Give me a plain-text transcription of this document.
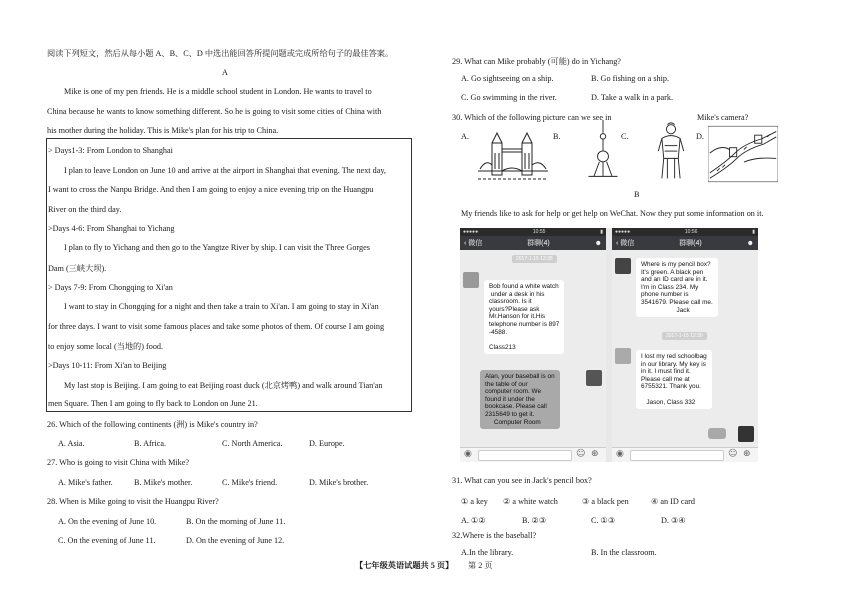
阅读下列短文，然后从每小题 A、B、C、D 中选出能回答所提问题或完成所给句子的最佳答案。
A
Mike is one of my pen friends. He is a middle school student in London. He wants to travel to
China because he wants to know something different. So he is going to visit some cities of China with
his mother during the holiday. This is Mike's plan for his trip to China.
> Days1-3: From London to Shanghai
I plan to leave London on June 10 and arrive at the airport in Shanghai that evening. The next day,
I want to cross the Nanpu Bridge. And then I am going to enjoy a nice evening trip on the Huangpu
River on the third day.
>Days 4-6: From Shanghai to Yichang
I plan to fly to Yichang and then go to the Yangtze River by ship. I can visit the Three Gorges
Dam (三峡大坝).
> Days 7-9: From Chongqing to Xi'an
I want to stay in Chongqing for a night and then take a train to Xi'an. I am going to stay in Xi'an
for three days. I want to visit some famous places and take some photos of them. Of course I am going
to enjoy some local (当地的) food.
>Days 10-11: From Xi'an to Beijing
My last stop is Beijing. I am going to eat Beijing roast duck (北京烤鸭) and walk around Tian'an
men Square. Then I am going to fly back to London on June 21.
26. Which of the following continents (洲) is Mike's country in?
A. Asia.	B. Africa.	C. North America.	D. Europe.
27. Who is going to visit China with Mike?
A. Mike's father.	B. Mike's mother.	C. Mike's friend.	D. Mike's brother.
28. When is Mike going to visit the Huangpu River?
A. On the evening of June 10.	B. On the morning of June 11.
C. On the evening of June 11.	D. On the evening of June 12.
29. What can Mike probably (可能) do in Yichang?
A. Go sightseeing on a ship.	B. Go fishing on a ship.
C. Go swimming in the river.	D. Take a walk in a park.
30. Which of the following picture can we see in	Mike's camera?
A.	B.	C.	D.
B
My friends like to ask for help or get help on WeChat. Now they put some information on it.
●●●●●	10:55	▮
‹ 微信	群聊(4)	☻
2017-1-15 12:35
Bob found a white watch
under a desk in his
classroom. Is it
yours?Please ask
Mr.Hanson for it.His
telephone number is 897
-4588.

Class213
Alan, your baseball is on
the table of our
computer room. We
found it under the
bookcase. Please call
2315649 to get it.
Computer Room
◉	☺ ⊕
●●●●●	10:56	▮
‹ 微信	群聊(4)	☻
Where is my pencil box?
It's green. A black pen
and an ID card are in it.
I'm in Class 234. My
phone number is
3541679. Please call me.
Jack
2017-1-15 12:30
I lost my red schoolbag
in our library. My key is
in it. I must find it.
Please call me at
6755321. Thank you.

Jason, Class 332
◉	☺ ⊕
31. What can you see in Jack's pencil box?
① a key ② a white watch	③ a black pen	④ an ID card
A. ①②	B. ②③	C. ①③	D. ③④
32.Where is the baseball?
A.In the library.	B. In the classroom.
【七年级英语试题共 5 页】 第 2 页
